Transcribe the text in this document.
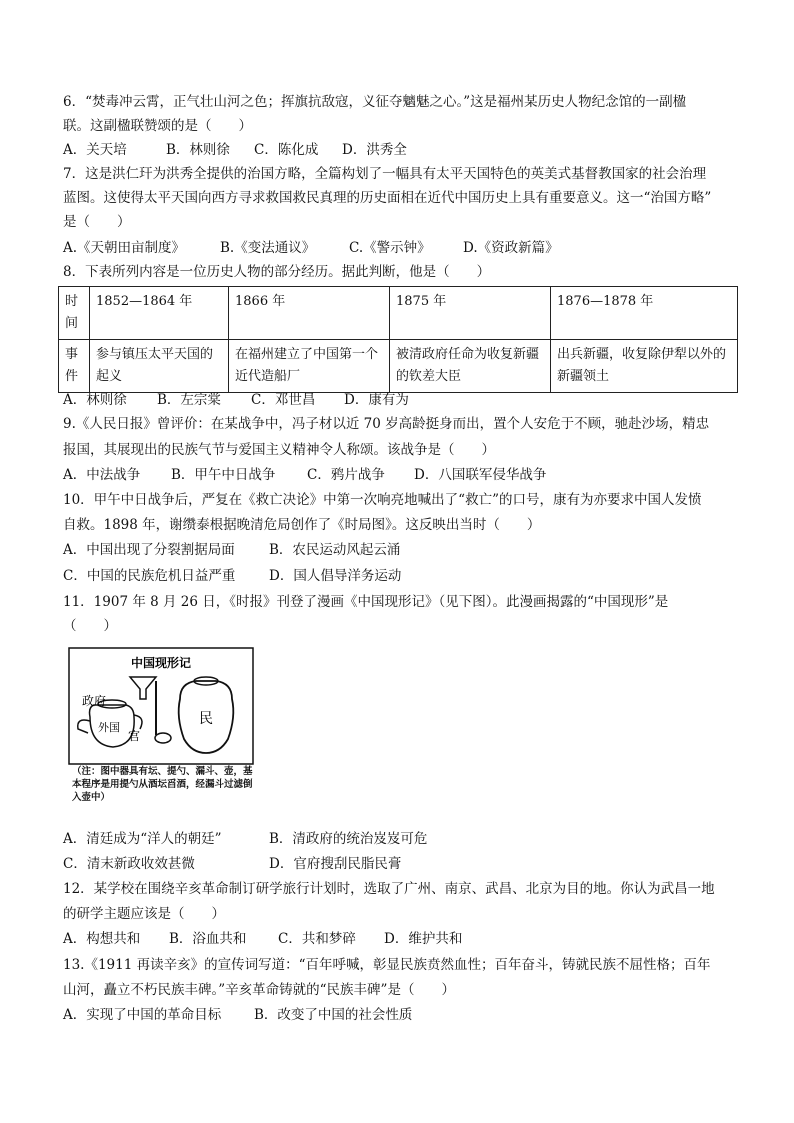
6．“焚毒冲云霄，正气壮山河之色；挥旗抗敌寇，义征夺魑魅之心。”这是福州某历史人物纪念馆的一副楹
联。这副楹联赞颂的是（　　）
A．关天培	B．林则徐 C．陈化成 D．洪秀全
7．这是洪仁玕为洪秀全提供的治国方略，全篇构划了一幅具有太平天国特色的英美式基督教国家的社会治理
蓝图。这使得太平天国向西方寻求救国救民真理的历史面相在近代中国历史上具有重要意义。这一“治国方略”
是（　　）
A.《天朝田亩制度》	B.《变法通议》	C.《警示钟》 D.《资政新篇》
8．下表所列内容是一位历史人物的部分经历。据此判断，他是（　　）
时间	1852—1864 年	1866 年	1875 年	1876—1878 年
事件	参与镇压太平天国的起义	在福州建立了中国第一个近代造船厂	被清政府任命为收复新疆的钦差大臣	出兵新疆，收复除伊犁以外的新疆领土
A．林则徐 B．左宗棠 C．邓世昌 D．康有为
9.《人民日报》曾评价：在某战争中，冯子材以近 70 岁高龄挺身而出，置个人安危于不顾，驰赴沙场，精忠
报国，其展现出的民族气节与爱国主义精神令人称颂。该战争是（　　）
A．中法战争 B．甲午中日战争 C．鸦片战争 D．八国联军侵华战争
10．甲午中日战争后，严复在《救亡决论》中第一次响亮地喊出了“救亡”的口号，康有为亦要求中国人发愤
自救。1898 年，谢缵泰根据晚清危局创作了《时局图》。这反映出当时（　　）
A．中国出现了分裂割据局面	B．农民运动风起云涌
C．中国的民族危机日益严重 D．国人倡导洋务运动
11．1907 年 8 月 26 日，《时报》刊登了漫画《中国现形记》（见下图）。此漫画揭露的“中国现形”是
（　　）
中国现形记
政府
外国
官
民
（注：图中器具有坛、提勺、漏斗、壶，基本程序是用提勺从酒坛舀酒，经漏斗过滤倒入壶中）
A．清廷成为“洋人的朝廷”	B．清政府的统治岌岌可危
C．清末新政收效甚微	D．官府搜刮民脂民膏
12．某学校在围绕辛亥革命制订研学旅行计划时，选取了广州、南京、武昌、北京为目的地。你认为武昌一地
的研学主题应该是（　　）
A．构想共和 B．浴血共和 C．共和梦碎 D．维护共和
13.《1911 再读辛亥》的宣传词写道：“百年呼喊，彰显民族贲然血性；百年奋斗，铸就民族不屈性格；百年
山河，矗立不朽民族丰碑。”辛亥革命铸就的“民族丰碑”是（　　）
A．实现了中国的革命目标 B．改变了中国的社会性质
